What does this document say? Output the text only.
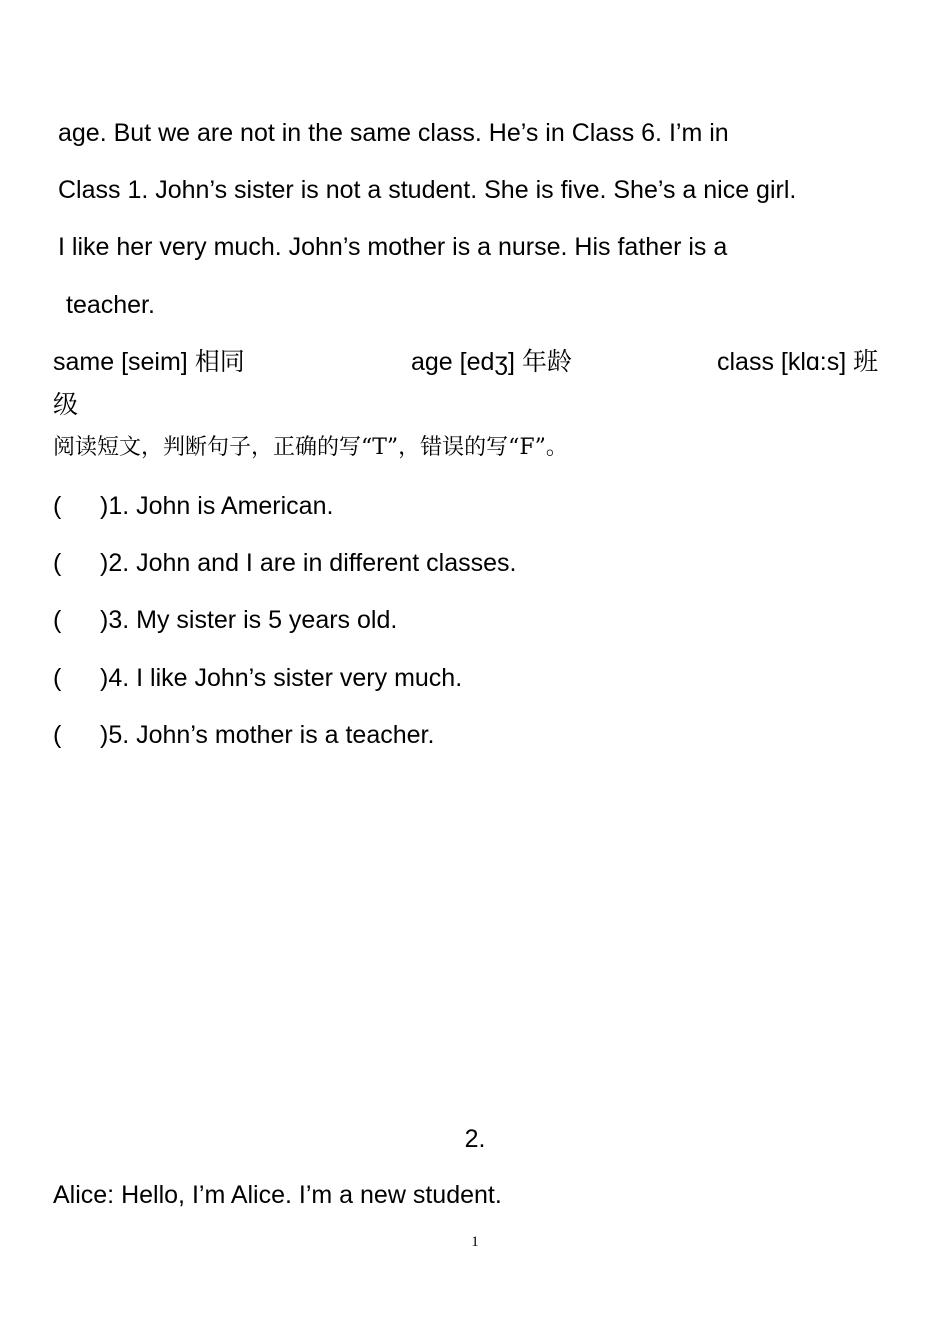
age. But we are not in the same class. He’s in Class 6. I’m in
Class 1. John’s sister is not a student. She is five. She’s a nice girl.
I like her very much. John’s mother is a nurse. His father is a
teacher.
same [seim] 相同	age [edʒ] 年龄	class [klɑ:s] 班
级
阅读短文，判断句子，正确的写“T”，错误的写“F”。
( )1. John is American.
( )2. John and I are in different classes.
( )3. My sister is 5 years old.
( )4. I like John’s sister very much.
( )5. John’s mother is a teacher.
2.
Alice: Hello, I’m Alice. I’m a new student.
1
